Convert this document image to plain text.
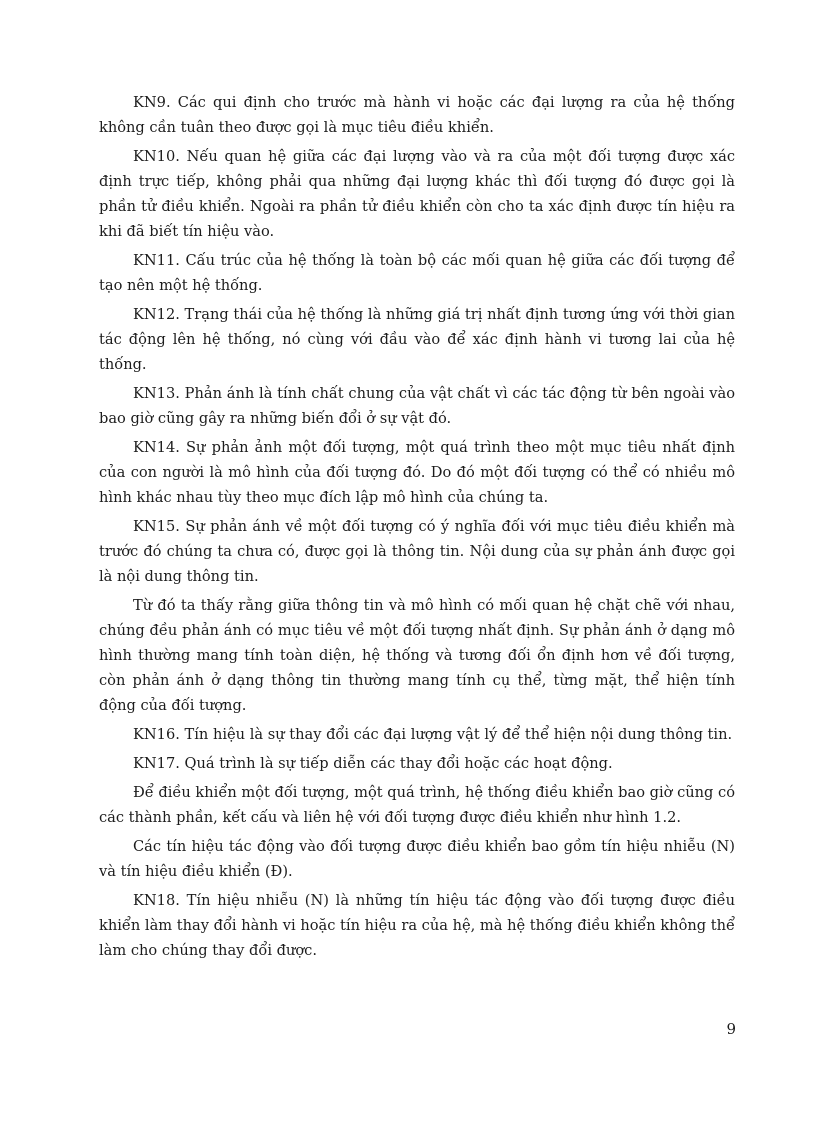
KN9. Các qui định cho trước mà hành vi hoặc các đại lượng ra của hệ thống không cần tuân theo được gọi là mục tiêu điều khiển.

KN10. Nếu quan hệ giữa các đại lượng vào và ra của một đối tượng được xác định trực tiếp, không phải qua những đại lượng khác thì đối tượng đó được gọi là phần tử điều khiển. Ngoài ra phần tử điều khiển còn cho ta xác định được tín hiệu ra khi đã biết tín hiệu vào.

KN11. Cấu trúc của hệ thống là toàn bộ các mối quan hệ giữa các đối tượng để tạo nên một hệ thống.

KN12. Trạng thái của hệ thống là những giá trị nhất định tương ứng với thời gian tác động lên hệ thống, nó cùng với đầu vào để xác định hành vi tương lai của hệ thống.

KN13. Phản ánh là tính chất chung của vật chất vì các tác động từ bên ngoài vào bao giờ cũng gây ra những biến đổi ở sự vật đó.

KN14. Sự phản ảnh một đối tượng, một quá trình theo một mục tiêu nhất định của con người là mô hình của đối tượng đó. Do đó một đối tượng có thể có nhiều mô hình khác nhau tùy theo mục đích lập mô hình của chúng ta.

KN15. Sự phản ánh về một đối tượng có ý nghĩa đối với mục tiêu điều khiển mà trước đó chúng ta chưa có, được gọi là thông tin. Nội dung của sự phản ánh được gọi là nội dung thông tin.

Từ đó ta thấy rằng giữa thông tin và mô hình có mối quan hệ chặt chẽ với nhau, chúng đều phản ánh có mục tiêu về một đối tượng nhất định. Sự phản ánh ở dạng mô hình thường mang tính toàn diện, hệ thống và tương đối ổn định hơn về đối tượng, còn phản ánh ở dạng thông tin thường mang tính cụ thể, từng mặt, thể hiện tính động của đối tượng.

KN16. Tín hiệu là sự thay đổi các đại lượng vật lý để thể hiện nội dung thông tin.

KN17. Quá trình là sự tiếp diễn các thay đổi hoặc các hoạt động.

Để điều khiển một đối tượng, một quá trình, hệ thống điều khiển bao giờ cũng có các thành phần, kết cấu và liên hệ với đối tượng được điều khiển như hình 1.2.

Các tín hiệu tác động vào đối tượng được điều khiển bao gồm tín hiệu nhiễu (N) và tín hiệu điều khiển (Đ).

KN18. Tín hiệu nhiễu (N) là những tín hiệu tác động vào đối tượng được điều khiển làm thay đổi hành vi hoặc tín hiệu ra của hệ, mà hệ thống điều khiển không thể làm cho chúng thay đổi được.

9
